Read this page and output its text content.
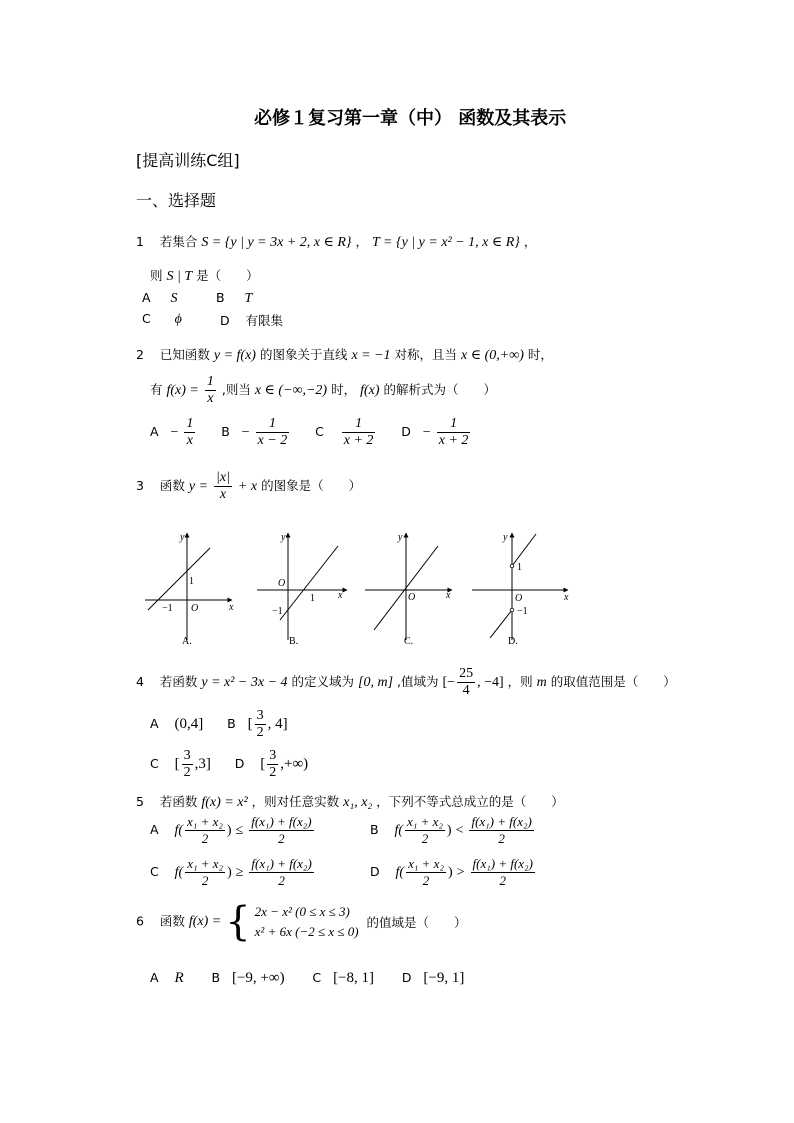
必修１复习第一章（中） 函数及其表示
[提高训练C组]
一、选择题
1 若集合 S = {y | y = 3x + 2, x ∈ R} ， T = {y | y = x² − 1, x ∈ R} ，
则 S | T 是（　　）
A S	B T
C ϕ	D 有限集
2 已知函数 y = f(x) 的图象关于直线 x = −1 对称，且当 x ∈ (0,+∞) 时，
有 $f(x) = \frac{1}{x}$ ,则当 x ∈ (−∞,−2) 时， f(x) 的解析式为（　　）
$A - \frac{1}{x}$ $B - \frac{1}{x - 2}$ C $\frac{1}{x + 2}$ $D - \frac{1}{x + 2}$
3 函数 $y = \frac{|x|}{x} + x$ 的图象是（　　）
y
x
O
1
−1
A.
y
x
O
1
−1
B.
y
x
O
C.
y
x
O
1
−1
D.
4 若函数 y = x² − 3x − 4 的定义域为 [0, m] ,值域为 [− $\frac{25}{4}$ , −4] ，则 m 的取值范围是（　　）
A (0,4] B [ $\frac{3}{2}$ , 4]
C [ $\frac{3}{2} ,3$] D [ $\frac{3}{2}$ ,+∞)
5 若函数 f(x) = x² ，则对任意实数 x₁, x₂ ，下列不等式总成立的是（　　）
A $f( \frac{\text{x₁ + x₂}}{2}$ ) ≤ $\frac{\text{f(x₁) + f(x₂)}}{2}$	B $f( \frac{\text{x₁ + x₂}}{2}$ ) < $\frac{\text{f(x₁) + f(x₂)}}{2}$
C $f( \frac{\text{x₁ + x₂}}{2}$ ) ≥ $\frac{\text{f(x₁) + f(x₂)}}{2}$	D $f( \frac{\text{x₁ + x₂}}{2}$ ) > $\frac{\text{f(x₁) + f(x₂)}}{2}$
6 函数 f(x) = { 2x − x² (0 ≤ x ≤ 3)
x² + 6x (−2 ≤ x ≤ 0)
的值域是（　　）
A R B [−9, +∞) C [−8, 1] D [−9, 1]
